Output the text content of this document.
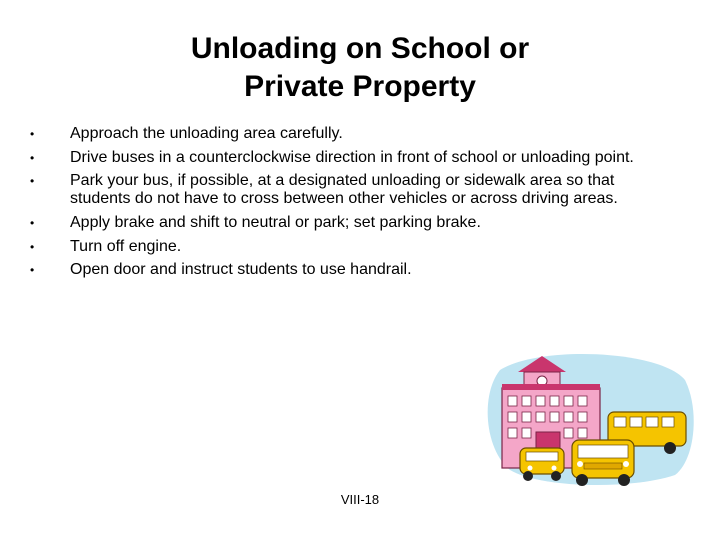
Unloading on School or
Private Property
•	Approach the unloading area carefully.
•	Drive buses in a counterclockwise direction in front of school or unloading point.
•	Park your bus, if possible, at a designated unloading or sidewalk area so that students do not have to cross between other vehicles or across driving areas.
•	Apply brake and shift to neutral or park; set parking brake.
•	Turn off engine.
•	Open door and instruct students to use handrail.
VIII-18
